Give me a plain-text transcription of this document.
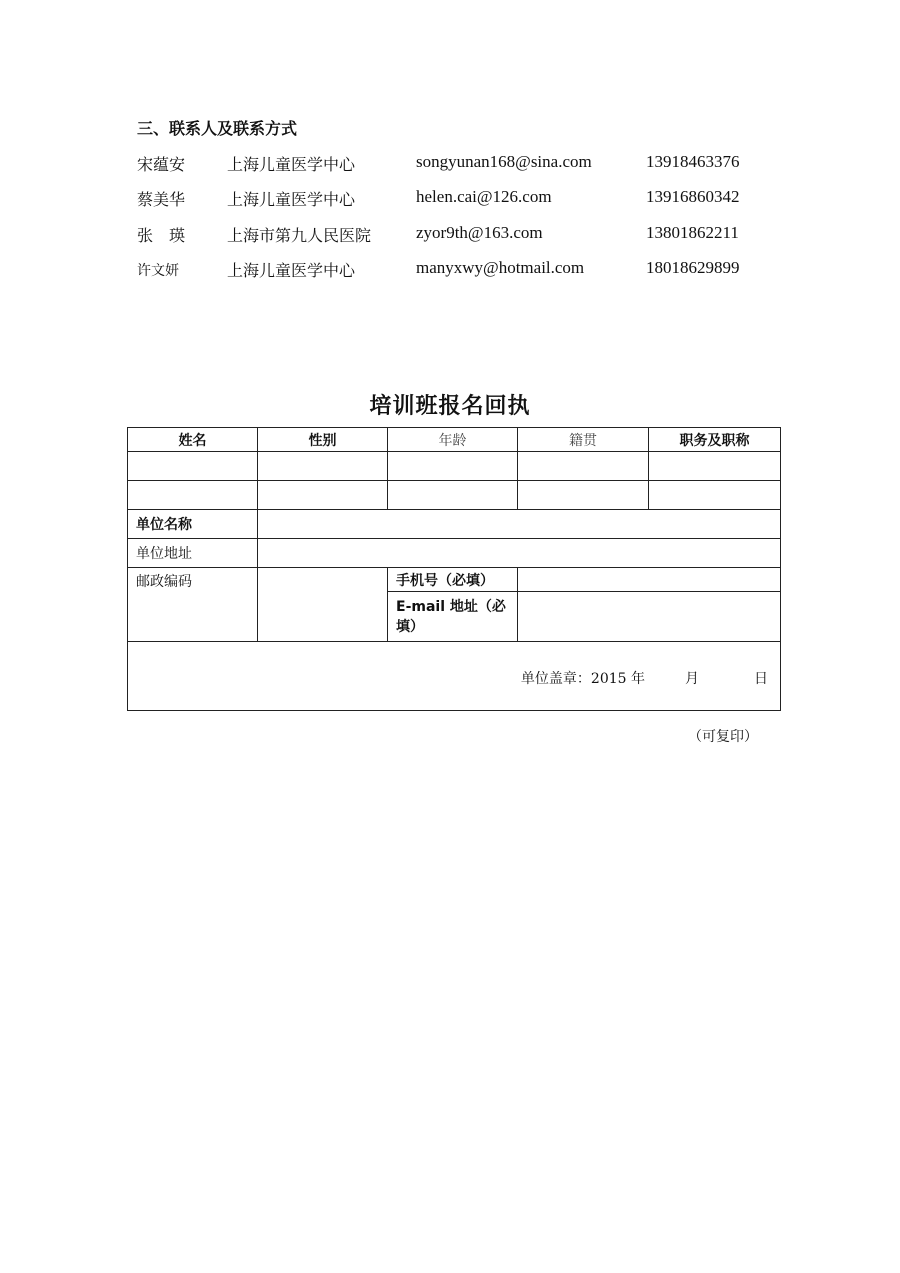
三、联系人及联系方式
宋蕴安	上海儿童医学中心	songyunan168@sina.com	13918463376
蔡美华	上海儿童医学中心	helen.cai@126.com	13916860342
张　瑛	上海市第九人民医院	zyor9th@163.com	13801862211
许文妍	上海儿童医学中心	manyxwy@hotmail.com	18018629899
培训班报名回执
姓名	性别	年龄	籍贯	职务及职称

单位名称				
单位地址				
邮政编码		手机号（必填）		
		E-mail 地址（必填）		

单位盖章：2015 年 月 日				
（可复印）
